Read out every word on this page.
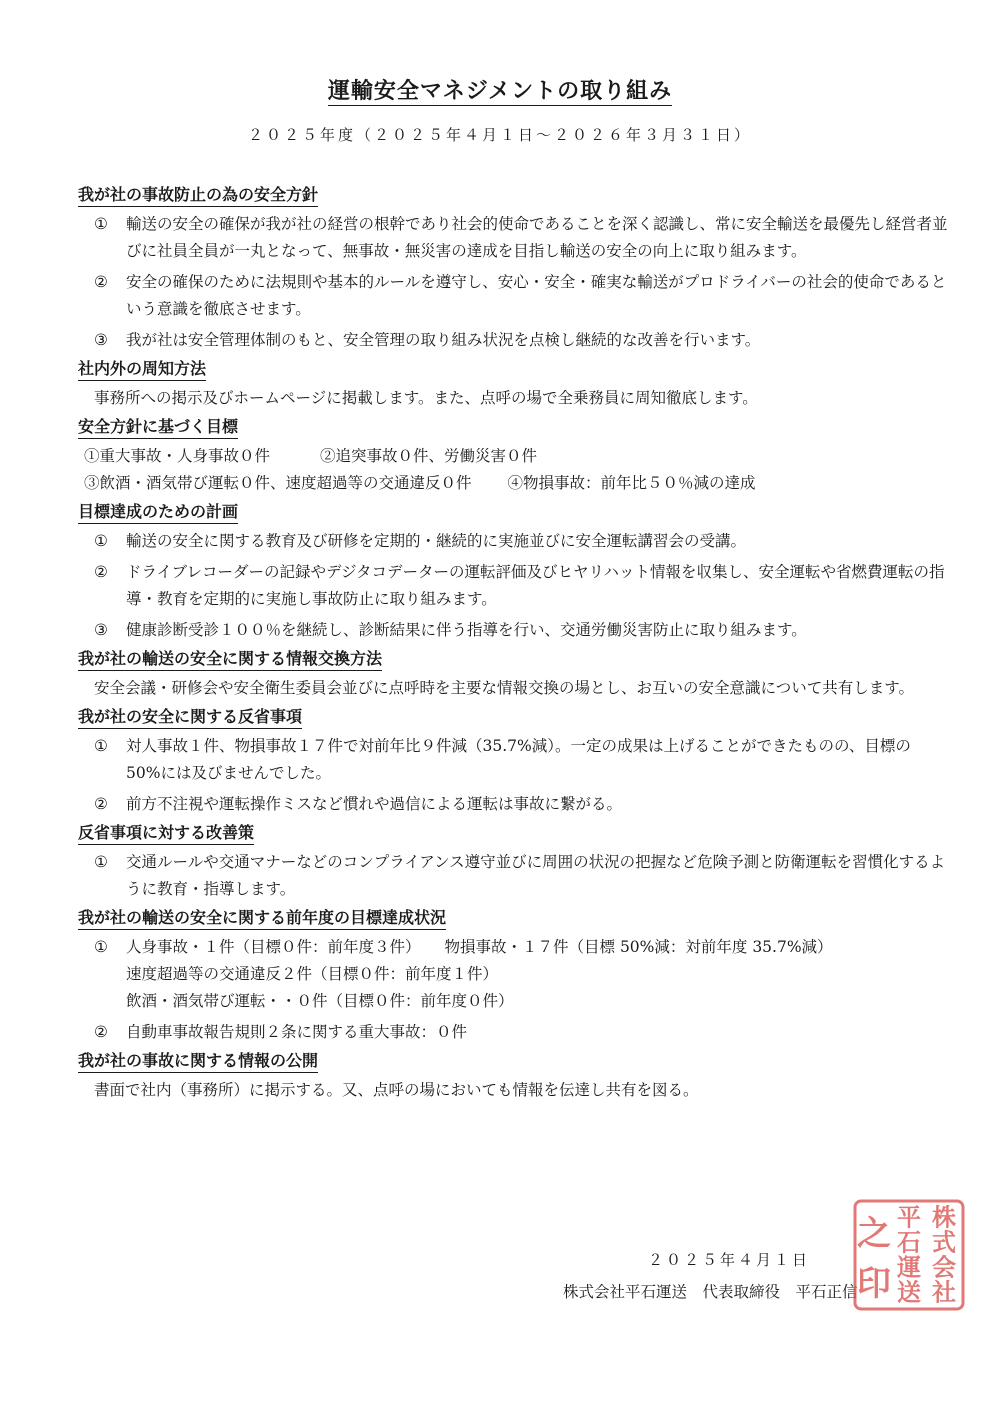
運輸安全マネジメントの取り組み
２０２５年度（２０２５年４月１日～２０２６年３月３１日）
我が社の事故防止の為の安全方針
① 輸送の安全の確保が我が社の経営の根幹であり社会的使命であることを深く認識し、常に安全輸送を最優先し経営者並びに社員全員が一丸となって、無事故・無災害の達成を目指し輸送の安全の向上に取り組みます。
② 安全の確保のために法規則や基本的ルールを遵守し、安心・安全・確実な輸送がプロドライバーの社会的使命であるという意識を徹底させます。
③ 我が社は安全管理体制のもと、安全管理の取り組み状況を点検し継続的な改善を行います。
社内外の周知方法
事務所への掲示及びホームページに掲載します。また、点呼の場で全乗務員に周知徹底します。
安全方針に基づく目標
①重大事故・人身事故０件	②追突事故０件、労働災害０件
③飲酒・酒気帯び運転０件、速度超過等の交通違反０件 ④物損事故：前年比５０％減の達成
目標達成のための計画
① 輸送の安全に関する教育及び研修を定期的・継続的に実施並びに安全運転講習会の受講。
② ドライブレコーダーの記録やデジタコデーターの運転評価及びヒヤリハット情報を収集し、安全運転や省燃費運転の指導・教育を定期的に実施し事故防止に取り組みます。
③ 健康診断受診１００％を継続し、診断結果に伴う指導を行い、交通労働災害防止に取り組みます。
我が社の輸送の安全に関する情報交換方法
安全会議・研修会や安全衛生委員会並びに点呼時を主要な情報交換の場とし、お互いの安全意識について共有します。
我が社の安全に関する反省事項
① 対人事故１件、物損事故１７件で対前年比９件減（35.7%減）。一定の成果は上げることができたものの、目標の 50%には及びませんでした。
② 前方不注視や運転操作ミスなど慣れや過信による運転は事故に繋がる。
反省事項に対する改善策
① 交通ルールや交通マナーなどのコンプライアンス遵守並びに周囲の状況の把握など危険予測と防衛運転を習慣化するように教育・指導します。
我が社の輸送の安全に関する前年度の目標達成状況
① 人身事故・１件（目標０件：前年度３件） 物損事故・１７件（目標 50%減：対前年度 35.7%減）
速度超過等の交通違反２件（目標０件：前年度１件）
飲酒・酒気帯び運転・・０件（目標０件：前年度０件）
② 自動車事故報告規則２条に関する重大事故：０件
我が社の事故に関する情報の公開
書面で社内（事務所）に掲示する。又、点呼の場においても情報を伝達し共有を図る。
２０２５年４月１日
株式会社平石運送　代表取締役　平石正信
株
式
会
社
平
石
運
送
之
印
